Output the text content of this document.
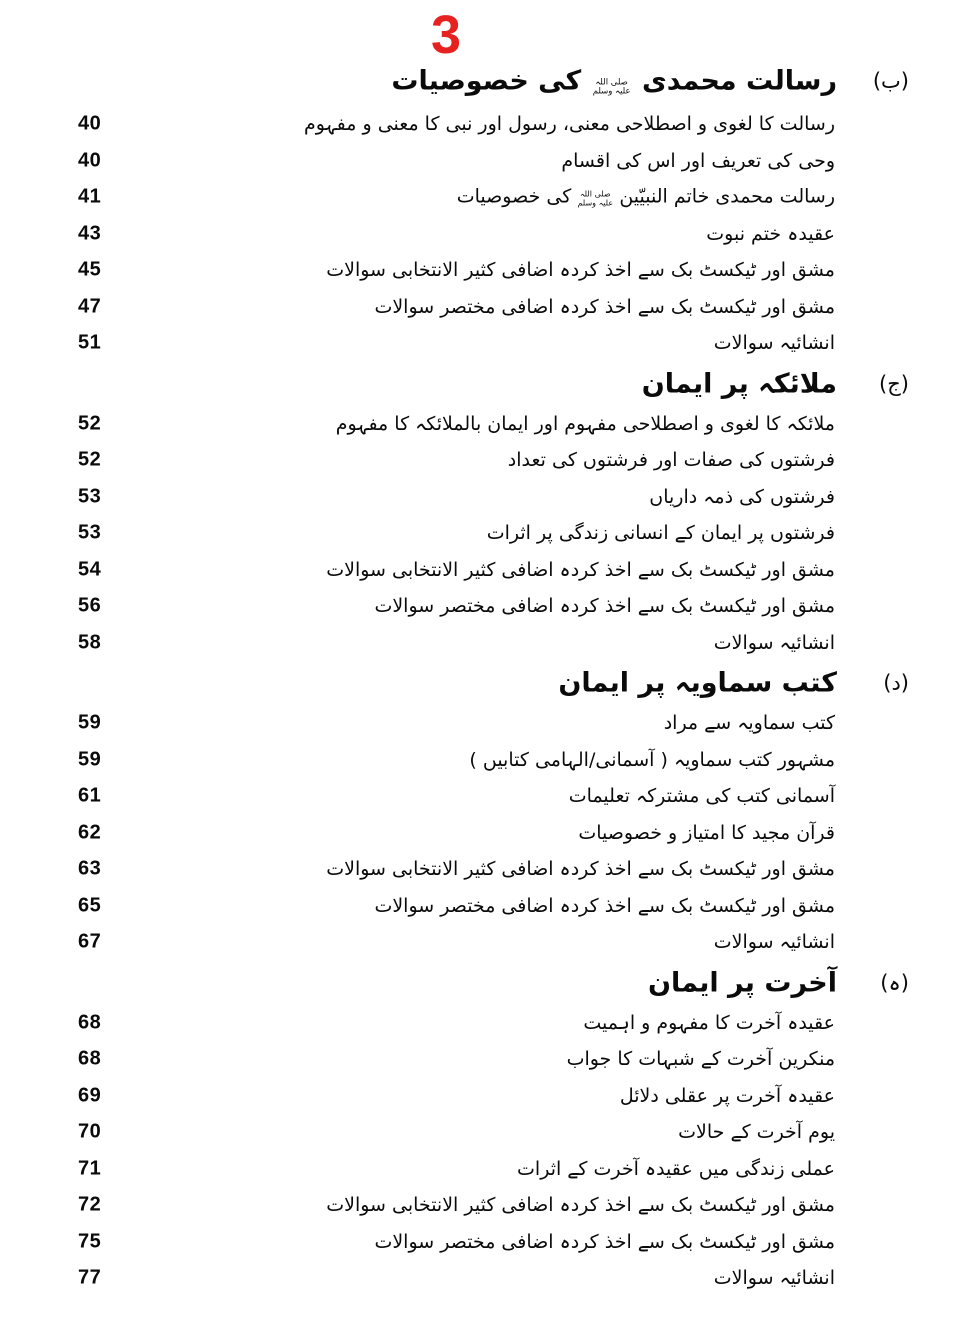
3
رسالت محمدی صلی اللہ علیہ وسلم کی خصوصیات	(ب)
40	رسالت کا لغوی و اصطلاحی معنی، رسول اور نبی کا معنی و مفہوم
40	وحی کی تعریف اور اس کی اقسام
41	رسالت محمدی خاتم النبیّین صلی اللہ علیہ وسلم کی خصوصیات
43	عقیدہ ختم نبوت
45	مشق اور ٹیکسٹ بک سے اخذ کردہ اضافی کثیر الانتخابی سوالات
47	مشق اور ٹیکسٹ بک سے اخذ کردہ اضافی مختصر سوالات
51	انشائیہ سوالات
ملائکہ پر ایمان (ج)
52	ملائکہ کا لغوی و اصطلاحی مفہوم اور ایمان بالملائکہ کا مفہوم
52	فرشتوں کی صفات اور فرشتوں کی تعداد
53	فرشتوں کی ذمہ داریاں
53	فرشتوں پر ایمان کے انسانی زندگی پر اثرات
54	مشق اور ٹیکسٹ بک سے اخذ کردہ اضافی کثیر الانتخابی سوالات
56	مشق اور ٹیکسٹ بک سے اخذ کردہ اضافی مختصر سوالات
58	انشائیہ سوالات
کتب سماویہ پر ایمان (د)
59	کتب سماویہ سے مراد
59	مشہور کتب سماویہ ( آسمانی/الہامی کتابیں )
61	آسمانی کتب کی مشترکہ تعلیمات
62	قرآن مجید کا امتیاز و خصوصیات
63	مشق اور ٹیکسٹ بک سے اخذ کردہ اضافی کثیر الانتخابی سوالات
65	مشق اور ٹیکسٹ بک سے اخذ کردہ اضافی مختصر سوالات
67	انشائیہ سوالات
آخرت پر ایمان (ہ)
68	عقیدہ آخرت کا مفہوم و اہمیت
68	منکرین آخرت کے شبہات کا جواب
69	عقیدہ آخرت پر عقلی دلائل
70	یوم آخرت کے حالات
71	عملی زندگی میں عقیدہ آخرت کے اثرات
72	مشق اور ٹیکسٹ بک سے اخذ کردہ اضافی کثیر الانتخابی سوالات
75	مشق اور ٹیکسٹ بک سے اخذ کردہ اضافی مختصر سوالات
77	انشائیہ سوالات
